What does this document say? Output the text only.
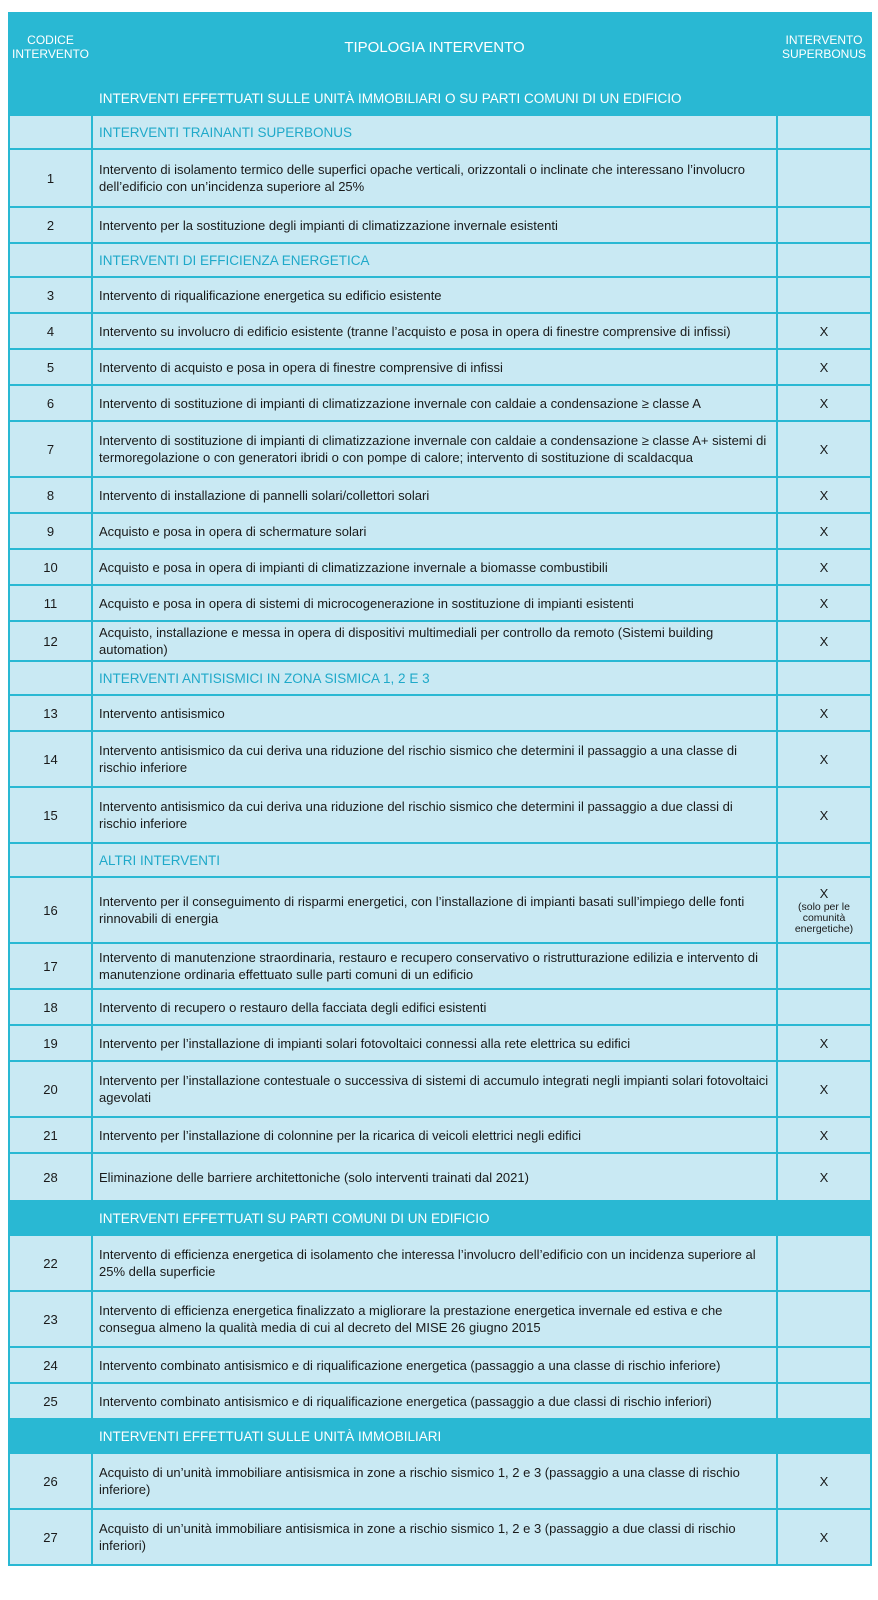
CODICE INTERVENTO	TIPOLOGIA INTERVENTO	INTERVENTO SUPERBONUS
INTERVENTI EFFETTUATI SULLE UNITÀ IMMOBILIARI O SU PARTI COMUNI DI UN EDIFICIO		
	INTERVENTI TRAINANTI SUPERBONUS	
1	Intervento di isolamento termico delle superfici opache verticali, orizzontali o inclinate che interessano l’involucro dell’edificio con un’incidenza superiore al 25%	
2	Intervento per la sostituzione degli impianti di climatizzazione invernale esistenti	
	INTERVENTI DI EFFICIENZA ENERGETICA	
3	Intervento di riqualificazione energetica su edificio esistente	
4	Intervento su involucro di edificio esistente (tranne l’acquisto e posa in opera di finestre comprensive di infissi)	X
5	Intervento di acquisto e posa in opera di finestre comprensive di infissi	X
6	Intervento di sostituzione di impianti di climatizzazione invernale con caldaie a condensazione ≥ classe A	X
7	Intervento di sostituzione di impianti di climatizzazione invernale con caldaie a condensazione ≥ classe A+ sistemi di termoregolazione o con generatori ibridi o con pompe di calore; intervento di sostituzione di scaldacqua	X
8	Intervento di installazione di pannelli solari/collettori solari	X
9	Acquisto e posa in opera di schermature solari	X
10	Acquisto e posa in opera di impianti di climatizzazione invernale a biomasse combustibili	X
11	Acquisto e posa in opera di sistemi di microcogenerazione in sostituzione di impianti esistenti	X
12	Acquisto, installazione e messa in opera di dispositivi multimediali per controllo da remoto (Sistemi building automation)	X
	INTERVENTI ANTISISMICI IN ZONA SISMICA 1, 2 E 3	
13	Intervento antisismico	X
14	Intervento antisismico da cui deriva una riduzione del rischio sismico che determini il passaggio a una classe di rischio inferiore	X
15	Intervento antisismico da cui deriva una riduzione del rischio sismico che determini il passaggio a due classi di rischio inferiore	X
	ALTRI INTERVENTI	
16	Intervento per il conseguimento di risparmi energetici, con l’installazione di impianti basati sull’impiego delle fonti rinnovabili di energia	X
(solo per le comunità energetiche)

17	Intervento di manutenzione straordinaria, restauro e recupero conservativo o ristrutturazione edilizia e intervento di manutenzione ordinaria effettuato sulle parti comuni di un edificio	
18	Intervento di recupero o restauro della facciata degli edifici esistenti	
19	Intervento per l’installazione di impianti solari fotovoltaici connessi alla rete elettrica su edifici	X
20	Intervento per l’installazione contestuale o successiva di sistemi di accumulo integrati negli impianti solari fotovoltaici agevolati	X
21	Intervento per l’installazione di colonnine per la ricarica di veicoli elettrici negli edifici	X
28	Eliminazione delle barriere architettoniche (solo interventi trainati dal 2021)	X
INTERVENTI EFFETTUATI SU PARTI COMUNI DI UN EDIFICIO		
22	Intervento di efficienza energetica di isolamento che interessa l’involucro dell’edificio con un incidenza superiore al 25% della superficie	
23	Intervento di efficienza energetica finalizzato a migliorare la prestazione energetica invernale ed estiva e che consegua almeno la qualità media di cui al decreto del MISE 26 giugno 2015	
24	Intervento combinato antisismico e di riqualificazione energetica (passaggio a una classe di rischio inferiore)	
25	Intervento combinato antisismico e di riqualificazione energetica (passaggio a due classi di rischio inferiori)	
INTERVENTI EFFETTUATI SULLE UNITÀ IMMOBILIARI		
26	Acquisto di un’unità immobiliare antisismica in zone a rischio sismico 1, 2 e 3 (passaggio a una classe di rischio inferiore)	X
27	Acquisto di un’unità immobiliare antisismica in zone a rischio sismico 1, 2 e 3 (passaggio a due classi di rischio inferiori)	X
